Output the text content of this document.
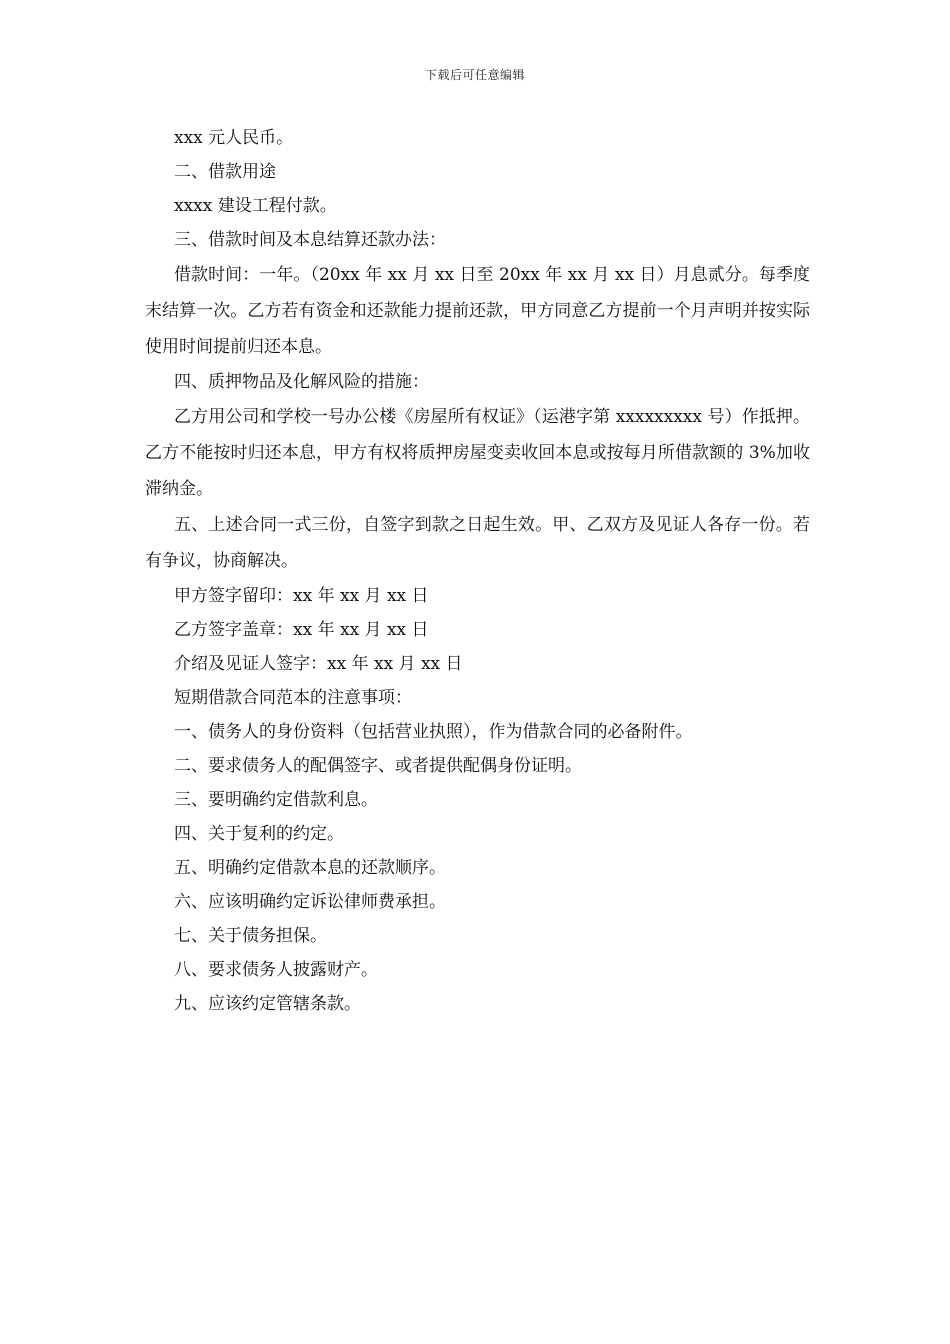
下载后可任意编辑

xxx 元人民币。

二、借款用途

xxxx 建设工程付款。

三、借款时间及本息结算还款办法：

借款时间：一年。（20xx 年 xx 月 xx 日至 20xx 年 xx 月 xx 日）月息贰分。每季度末结算一次。乙方若有资金和还款能力提前还款，甲方同意乙方提前一个月声明并按实际使用时间提前归还本息。

四、质押物品及化解风险的措施：

乙方用公司和学校一号办公楼《房屋所有权证》（运港字第 xxxxxxxxx 号）作抵押。乙方不能按时归还本息，甲方有权将质押房屋变卖收回本息或按每月所借款额的 3%加收滞纳金。

五、上述合同一式三份，自签字到款之日起生效。甲、乙双方及见证人各存一份。若有争议，协商解决。

甲方签字留印：xx 年 xx 月 xx 日

乙方签字盖章：xx 年 xx 月 xx 日

介绍及见证人签字：xx 年 xx 月 xx 日

短期借款合同范本的注意事项：

一、债务人的身份资料（包括营业执照），作为借款合同的必备附件。

二、要求债务人的配偶签字、或者提供配偶身份证明。

三、要明确约定借款利息。

四、关于复利的约定。

五、明确约定借款本息的还款顺序。

六、应该明确约定诉讼律师费承担。

七、关于债务担保。

八、要求债务人披露财产。

九、应该约定管辖条款。
